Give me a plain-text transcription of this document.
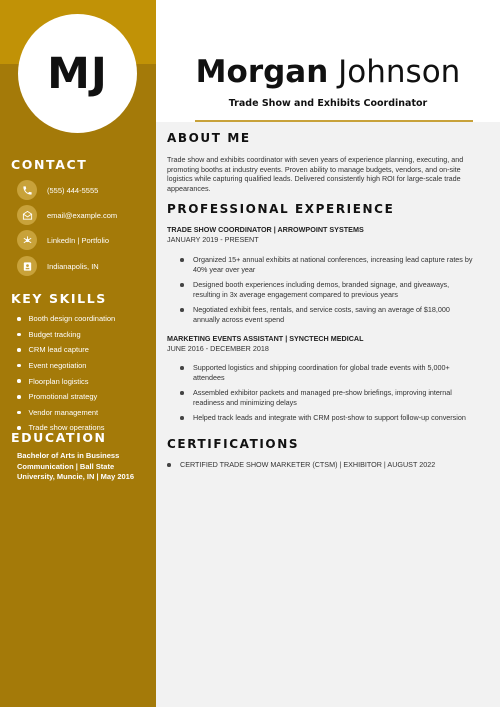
MJ
CONTACT
(555) 444-5555
email@example.com
LinkedIn | Portfolio
Indianapolis, IN
KEY SKILLS
Booth design coordination
Budget tracking
CRM lead capture
Event negotiation
Floorplan logistics
Promotional strategy
Vendor management
Trade show operations
EDUCATION
Bachelor of Arts in Business Communication | Ball State University, Muncie, IN | May 2016
Morgan Johnson
Trade Show and Exhibits Coordinator
ABOUT ME
Trade show and exhibits coordinator with seven years of experience planning, executing, and promoting booths at industry events. Proven ability to manage budgets, vendors, and on-site logistics while capturing qualified leads. Delivered consistently high ROI for large-scale trade appearances.
PROFESSIONAL EXPERIENCE
TRADE SHOW COORDINATOR | ARROWPOINT SYSTEMS
JANUARY 2019 - PRESENT
Organized 15+ annual exhibits at national conferences, increasing lead capture rates by 40% year over year
Designed booth experiences including demos, branded signage, and giveaways, resulting in 3x average engagement compared to previous years
Negotiated exhibit fees, rentals, and service costs, saving an average of $18,000 annually across event spend
MARKETING EVENTS ASSISTANT | SYNCTECH MEDICAL
JUNE 2016 - DECEMBER 2018
Supported logistics and shipping coordination for global trade events with 5,000+ attendees
Assembled exhibitor packets and managed pre-show briefings, improving internal readiness and minimizing delays
Helped track leads and integrate with CRM post-show to support follow-up conversion
CERTIFICATIONS
CERTIFIED TRADE SHOW MARKETER (CTSM) | EXHIBITOR | AUGUST 2022
